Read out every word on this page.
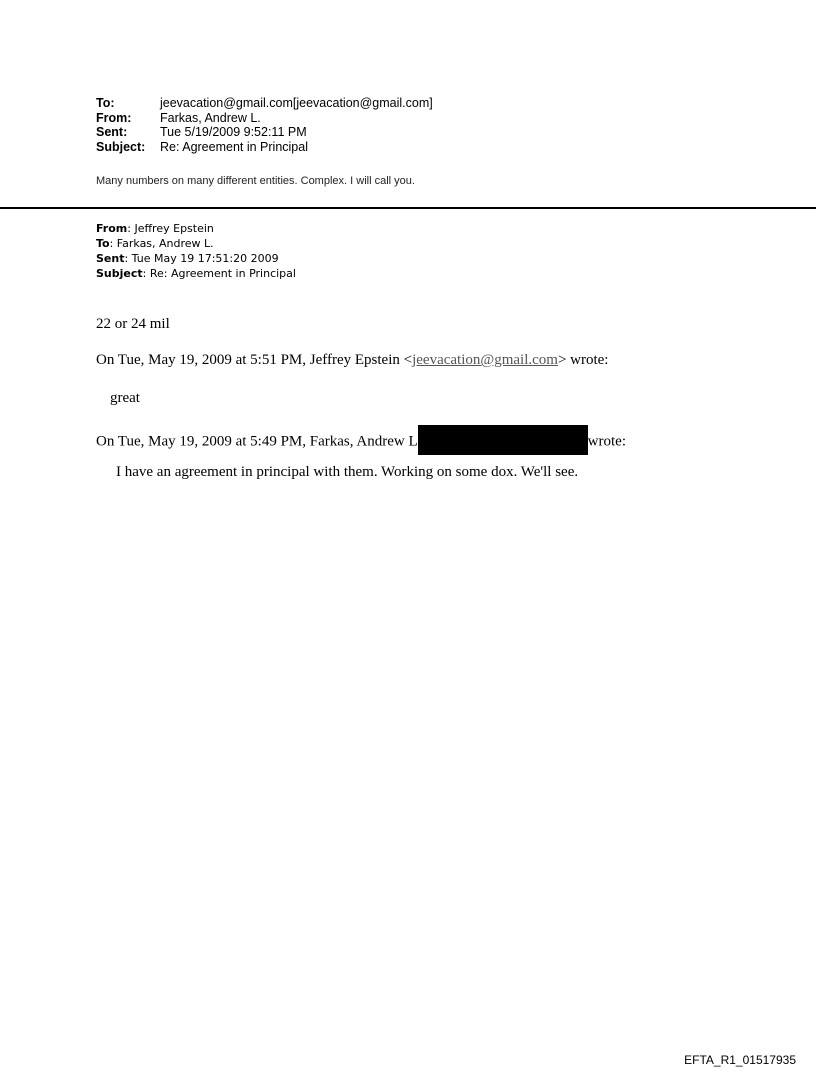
To:	jeevacation@gmail.com[jeevacation@gmail.com]
From:	Farkas, Andrew L.
Sent:	Tue 5/19/2009 9:52:11 PM
Subject:	Re: Agreement in Principal
Many numbers on many different entities. Complex. I will call you.
From: Jeffrey Epstein
To: Farkas, Andrew L.
Sent: Tue May 19 17:51:20 2009
Subject: Re: Agreement in Principal
22 or 24 mil
On Tue, May 19, 2009 at 5:51 PM, Jeffrey Epstein <jeevacation@gmail.com> wrote:
great
On Tue, May 19, 2009 at 5:49 PM, Farkas, Andrew L	wrote:
I have an agreement in principal with them. Working on some dox. We'll see.
EFTA_R1_01517935
